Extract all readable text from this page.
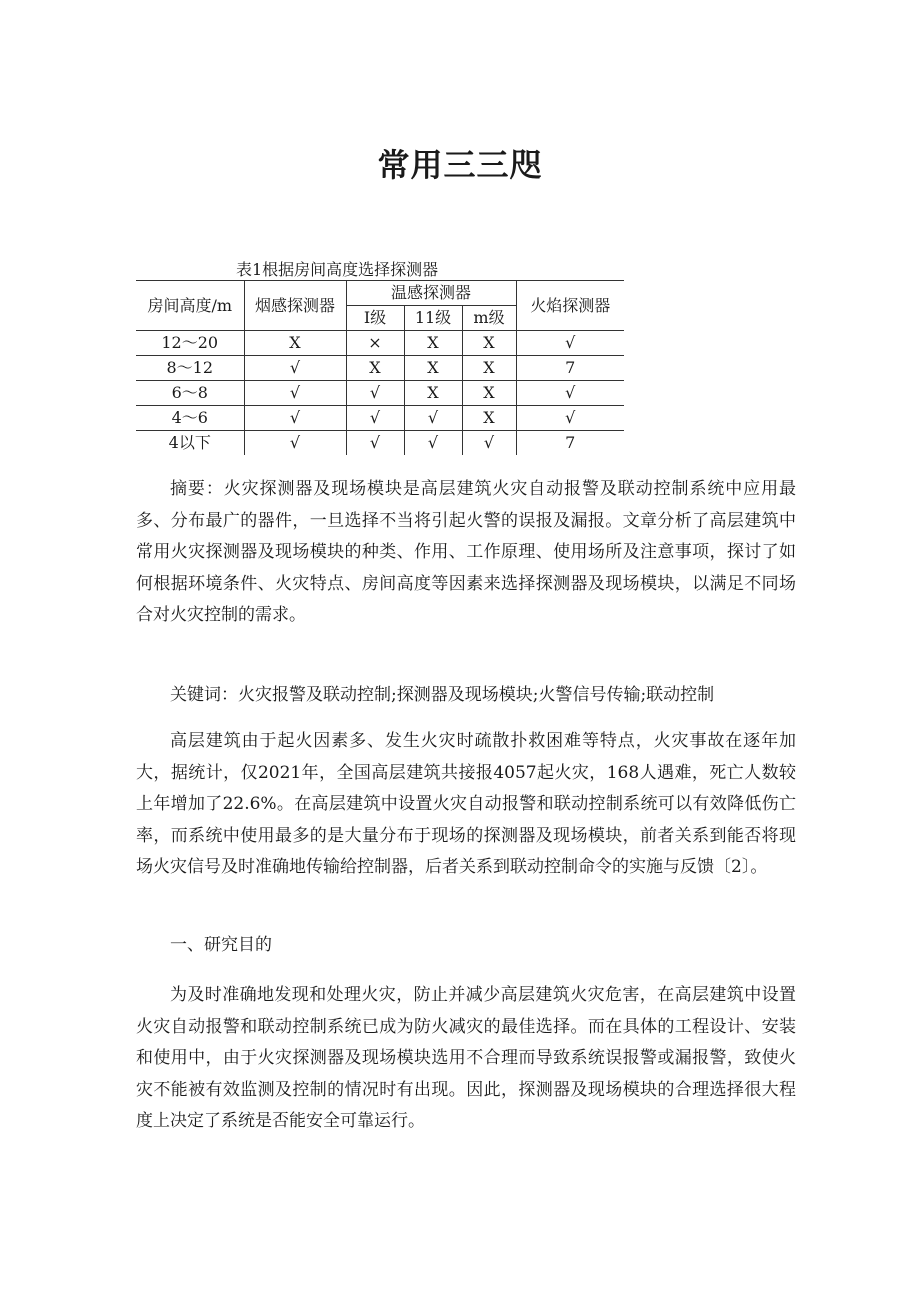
常用三三咫
表1根据房间高度选择探测器
房间高度/m	烟感探测器	温感探测器			火焰探测器
		Ⅰ级	11级	m级	
12～20	X	×	X	X	√
8～12	√	X	X	X	7
6～8	√	√	X	X	√
4～6	√	√	√	X	√
4以下	√	√	√	√	7

摘要：火灾探测器及现场模块是高层建筑火灾自动报警及联动控制系统中应用最多、分布最广的器件，一旦选择不当将引起火警的误报及漏报。文章分析了高层建筑中常用火灾探测器及现场模块的种类、作用、工作原理、使用场所及注意事项，探讨了如何根据环境条件、火灾特点、房间高度等因素来选择探测器及现场模块，以满足不同场合对火灾控制的需求。

关键词：火灾报警及联动控制;探测器及现场模块;火警信号传输;联动控制

高层建筑由于起火因素多、发生火灾时疏散扑救困难等特点，火灾事故在逐年加大，据统计，仅2021年，全国高层建筑共接报4057起火灾，168人遇难，死亡人数较上年增加了22.6%。在高层建筑中设置火灾自动报警和联动控制系统可以有效降低伤亡率，而系统中使用最多的是大量分布于现场的探测器及现场模块，前者关系到能否将现场火灾信号及时准确地传输给控制器，后者关系到联动控制命令的实施与反馈〔2〕。

一、研究目的

为及时准确地发现和处理火灾，防止并减少高层建筑火灾危害，在高层建筑中设置火灾自动报警和联动控制系统已成为防火减灾的最佳选择。而在具体的工程设计、安装和使用中，由于火灾探测器及现场模块选用不合理而导致系统误报警或漏报警，致使火灾不能被有效监测及控制的情况时有出现。因此，探测器及现场模块的合理选择很大程度上决定了系统是否能安全可靠运行。
